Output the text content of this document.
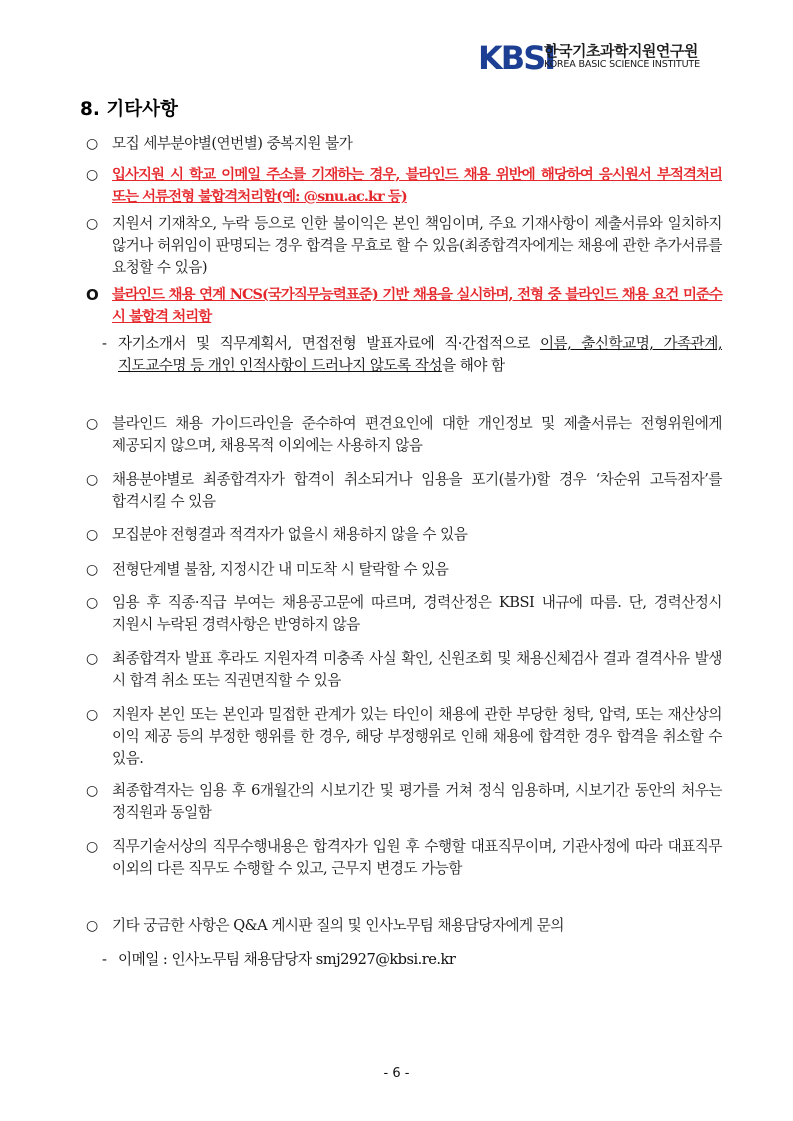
KBSI
한국기초과학지원연구원
KOREA BASIC SCIENCE INSTITUTE
8. 기타사항
○ 모집 세부분야별(연번별) 중복지원 불가
○ 입사지원 시 학교 이메일 주소를 기재하는 경우, 블라인드 채용 위반에 해당하여 응시원서 부적격처리 또는 서류전형 불합격처리함(예: @snu.ac.kr 등)
○ 지원서 기재착오, 누락 등으로 인한 불이익은 본인 책임이며, 주요 기재사항이 제출서류와 일치하지 않거나 허위임이 판명되는 경우 합격을 무효로 할 수 있음(최종합격자에게는 채용에 관한 추가서류를 요청할 수 있음)
O 블라인드 채용 연계 NCS(국가직무능력표준) 기반 채용을 실시하며, 전형 중 블라인드 채용 요건 미준수 시 불합격 처리함
- 자기소개서 및 직무계획서, 면접전형 발표자료에 직·간접적으로 이름, 출신학교명, 가족관계, 지도교수명 등 개인 인적사항이 드러나지 않도록 작성을 해야 함
○ 블라인드 채용 가이드라인을 준수하여 편견요인에 대한 개인정보 및 제출서류는 전형위원에게 제공되지 않으며, 채용목적 이외에는 사용하지 않음
○ 채용분야별로 최종합격자가 합격이 취소되거나 임용을 포기(불가)할 경우 ‘차순위 고득점자’를 합격시킬 수 있음
○ 모집분야 전형결과 적격자가 없을시 채용하지 않을 수 있음
○ 전형단계별 불참, 지정시간 내 미도착 시 탈락할 수 있음
○ 임용 후 직종·직급 부여는 채용공고문에 따르며, 경력산정은 KBSI 내규에 따름. 단, 경력산정시 지원시 누락된 경력사항은 반영하지 않음
○ 최종합격자 발표 후라도 지원자격 미충족 사실 확인, 신원조회 및 채용신체검사 결과 결격사유 발생 시 합격 취소 또는 직권면직할 수 있음
○ 지원자 본인 또는 본인과 밀접한 관계가 있는 타인이 채용에 관한 부당한 청탁, 압력, 또는 재산상의 이익 제공 등의 부정한 행위를 한 경우, 해당 부정행위로 인해 채용에 합격한 경우 합격을 취소할 수 있음.
○ 최종합격자는 임용 후 6개월간의 시보기간 및 평가를 거쳐 정식 임용하며, 시보기간 동안의 처우는 정직원과 동일함
○ 직무기술서상의 직무수행내용은 합격자가 입원 후 수행할 대표직무이며, 기관사정에 따라 대표직무 이외의 다른 직무도 수행할 수 있고, 근무지 변경도 가능함
○ 기타 궁금한 사항은 Q&A 게시판 질의 및 인사노무팀 채용담당자에게 문의
- 이메일 : 인사노무팀 채용담당자 smj2927@kbsi.re.kr
- 6 -
